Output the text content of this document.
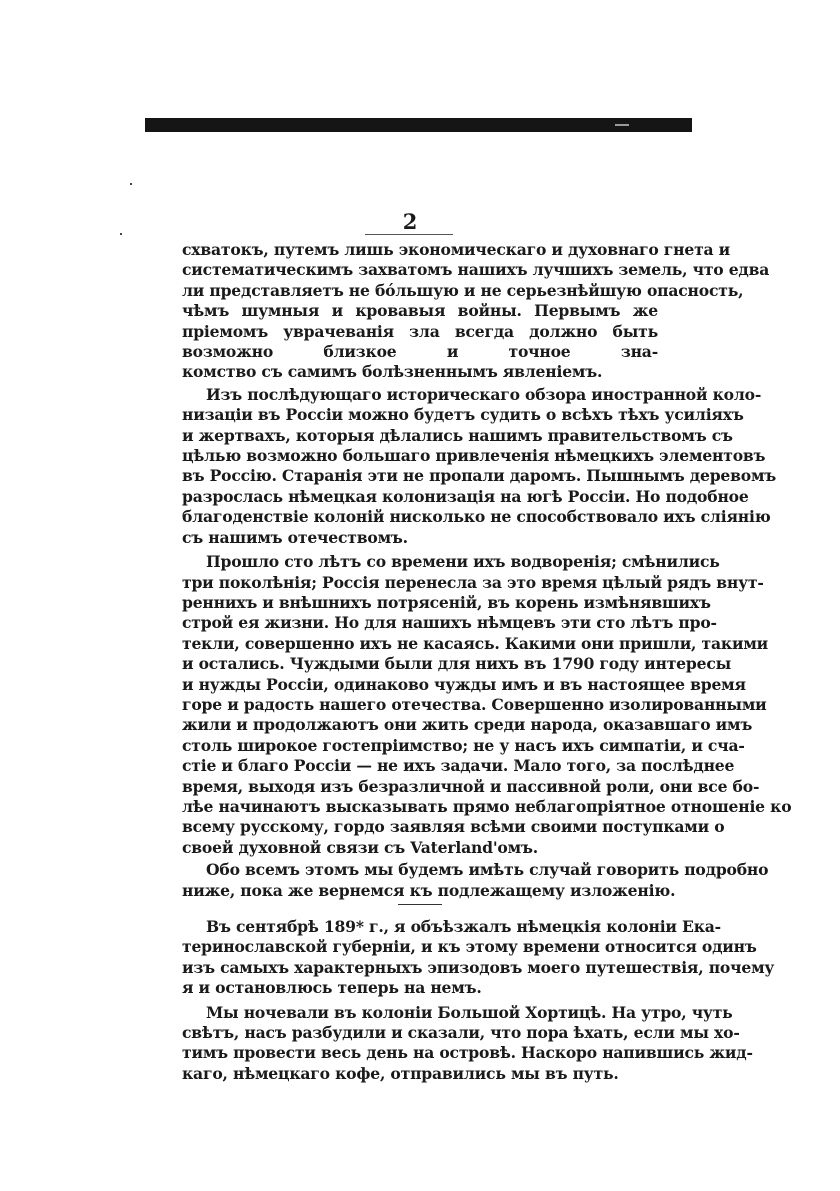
2
схватокъ, путемъ лишь экономическаго и духовнаго гнета и
систематическимъ захватомъ нашихъ лучшихъ земель, что едва
ли представляетъ не бóльшую и не серьезнѣйшую опасность,
чѣмъ шумныя и кровавыя войны. Первымъ же пріемомъ уврачеванія зла всегда должно быть возможно близкое и точное зна-
комство съ самимъ болѣзненнымъ явленіемъ.
Изъ послѣдующаго историческаго обзора иностранной коло-
низаціи въ Россіи можно будетъ судить о всѣхъ тѣхъ усиліяхъ
и жертвахъ, которыя дѣлались нашимъ правительствомъ съ
цѣлью возможно большаго привлеченія нѣмецкихъ элементовъ
въ Россію. Старанія эти не пропали даромъ. Пышнымъ деревомъ
разрослась нѣмецкая колонизація на югѣ Россіи. Но подобное
благоденствіе колоній нисколько не способствовало ихъ сліянію
съ нашимъ отечествомъ.
Прошло сто лѣтъ со времени ихъ водворенія; смѣнились
три поколѣнія; Россія перенесла за это время цѣлый рядъ внут-
реннихъ и внѣшнихъ потрясеній, въ корень измѣнявшихъ
строй ея жизни. Но для нашихъ нѣмцевъ эти сто лѣтъ про-
текли, совершенно ихъ не касаясь. Какими они пришли, такими
и остались. Чуждыми были для нихъ въ 1790 году интересы
и нужды Россіи, одинаково чужды имъ и въ настоящее время
горе и радость нашего отечества. Совершенно изолированными
жили и продолжаютъ они жить среди народа, оказавшаго имъ
столь широкое гостепріимство; не у насъ ихъ симпатіи, и сча-
стіе и благо Россіи — не ихъ задачи. Мало того, за послѣднее
время, выходя изъ безразличной и пассивной роли, они все бо-
лѣе начинаютъ высказывать прямо неблагопріятное отношеніе ко
всему русскому, гордо заявляя всѣми своими поступками о
своей духовной связи съ Vaterland'омъ.
Обо всемъ этомъ мы будемъ имѣть случай говорить подробно
ниже, пока же вернемся къ подлежащему изложенію.
Въ сентябрѣ 189* г., я объѣзжалъ нѣмецкія колоніи Ека-
теринославской губерніи, и къ этому времени относится одинъ
изъ самыхъ характерныхъ эпизодовъ моего путешествія, почему
я и остановлюсь теперь на немъ.
Мы ночевали въ колоніи Большой Хортицѣ. На утро, чуть
свѣтъ, насъ разбудили и сказали, что пора ѣхать, если мы хо-
тимъ провести весь день на островѣ. Наскоро напившись жид-
каго, нѣмецкаго кофе, отправились мы въ путь.
